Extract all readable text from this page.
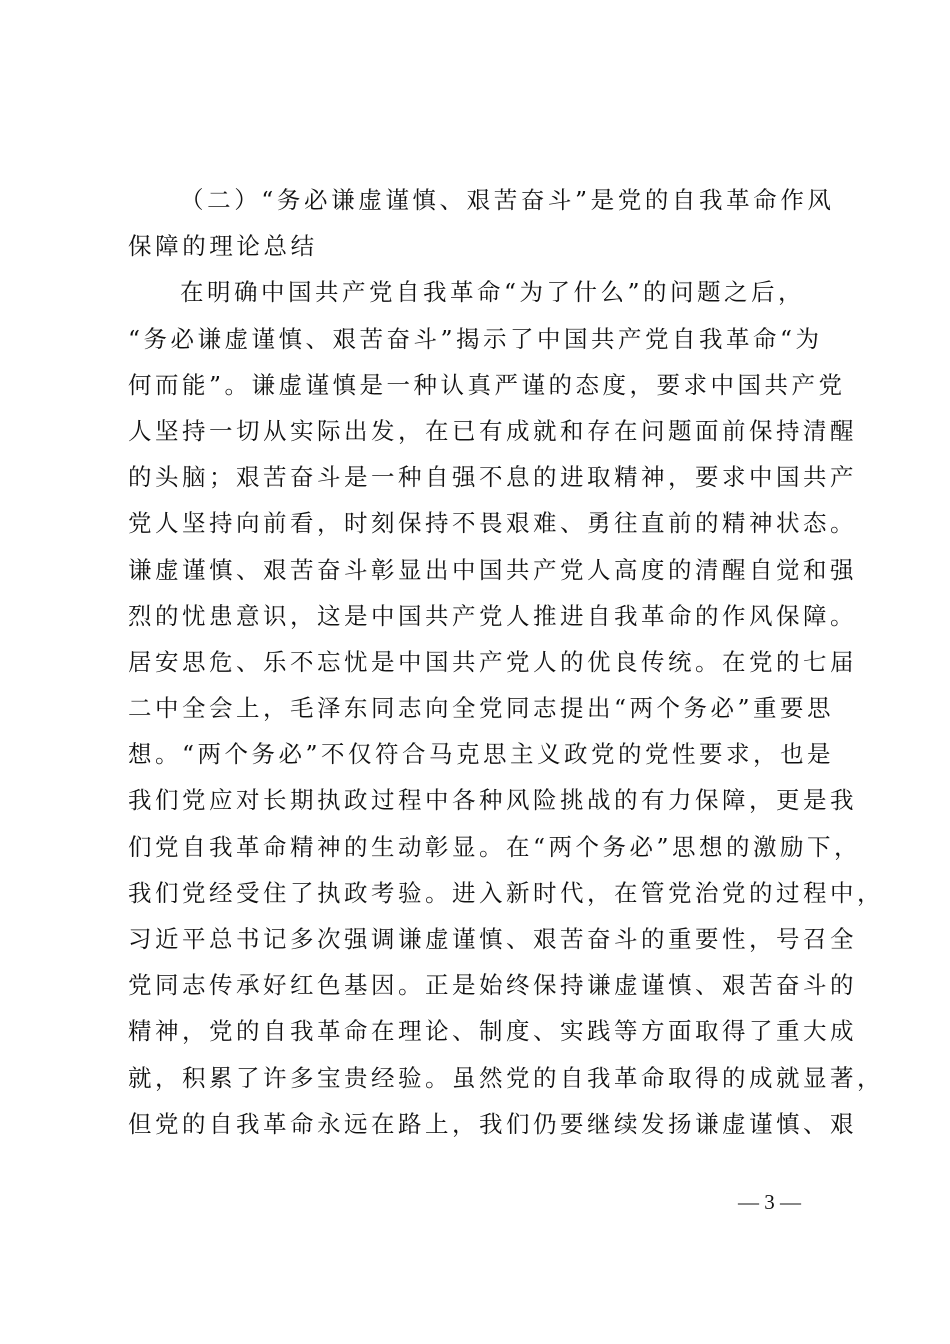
（二）“务必谦虚谨慎、艰苦奋斗”是党的自我革命作风
保障的理论总结
在明确中国共产党自我革命“为了什么”的问题之后，
“务必谦虚谨慎、艰苦奋斗”揭示了中国共产党自我革命“为
何而能”。谦虚谨慎是一种认真严谨的态度，要求中国共产党
人坚持一切从实际出发，在已有成就和存在问题面前保持清醒
的头脑；艰苦奋斗是一种自强不息的进取精神，要求中国共产
党人坚持向前看，时刻保持不畏艰难、勇往直前的精神状态。
谦虚谨慎、艰苦奋斗彰显出中国共产党人高度的清醒自觉和强
烈的忧患意识，这是中国共产党人推进自我革命的作风保障。
居安思危、乐不忘忧是中国共产党人的优良传统。在党的七届
二中全会上，毛泽东同志向全党同志提出“两个务必”重要思
想。“两个务必”不仅符合马克思主义政党的党性要求，也是
我们党应对长期执政过程中各种风险挑战的有力保障，更是我
们党自我革命精神的生动彰显。在“两个务必”思想的激励下，
我们党经受住了执政考验。进入新时代，在管党治党的过程中，
习近平总书记多次强调谦虚谨慎、艰苦奋斗的重要性，号召全
党同志传承好红色基因。正是始终保持谦虚谨慎、艰苦奋斗的
精神，党的自我革命在理论、制度、实践等方面取得了重大成
就，积累了许多宝贵经验。虽然党的自我革命取得的成就显著，
但党的自我革命永远在路上，我们仍要继续发扬谦虚谨慎、艰
— 3 —
